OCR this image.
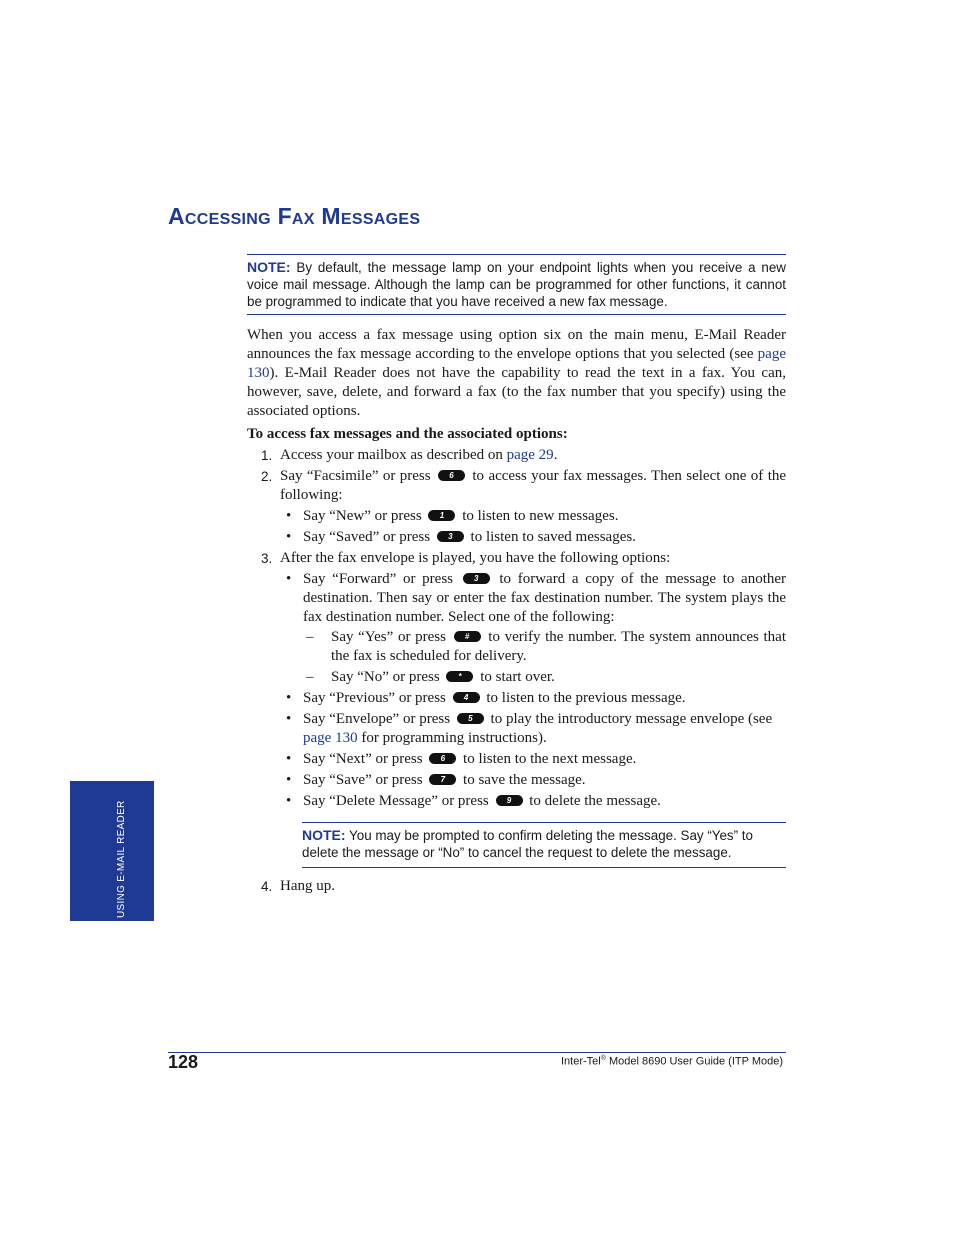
Accessing Fax Messages
NOTE: By default, the message lamp on your endpoint lights when you receive a new voice mail message. Although the lamp can be programmed for other functions, it cannot be programmed to indicate that you have received a new fax message.
When you access a fax message using option six on the main menu, E-Mail Reader announces the fax message according to the envelope options that you selected (see page 130). E-Mail Reader does not have the capability to read the text in a fax. You can, however, save, delete, and forward a fax (to the fax number that you specify) using the associated options.
To access fax messages and the associated options:
1. Access your mailbox as described on page 29.
2. Say “Facsimile” or press 6 to access your fax messages. Then select one of the following:
• Say “New” or press 1 to listen to new messages.
• Say “Saved” or press 3 to listen to saved messages.
3. After the fax envelope is played, you have the following options:
• Say “Forward” or press	3 to forward a copy of the message to another destination. Then say or enter the fax destination number. The system plays the fax destination number. Select one of the following:
– Say “Yes” or press # to verify the number. The system announces that the fax is scheduled for delivery.
– Say “No” or press * to start over.
• Say “Previous” or press 4 to listen to the previous message.
• Say “Envelope” or press 5 to play the introductory message envelope (see page 130 for programming instructions).
• Say “Next” or press 6 to listen to the next message.
• Say “Save” or press 7 to save the message.
• Say “Delete Message” or press 9 to delete the message.
NOTE: You may be prompted to confirm deleting the message. Say “Yes” to delete the message or “No” to cancel the request to delete the message.
4. Hang up.
USING E-MAIL READER
128	Inter-Tel® Model 8690 User Guide (ITP Mode)
